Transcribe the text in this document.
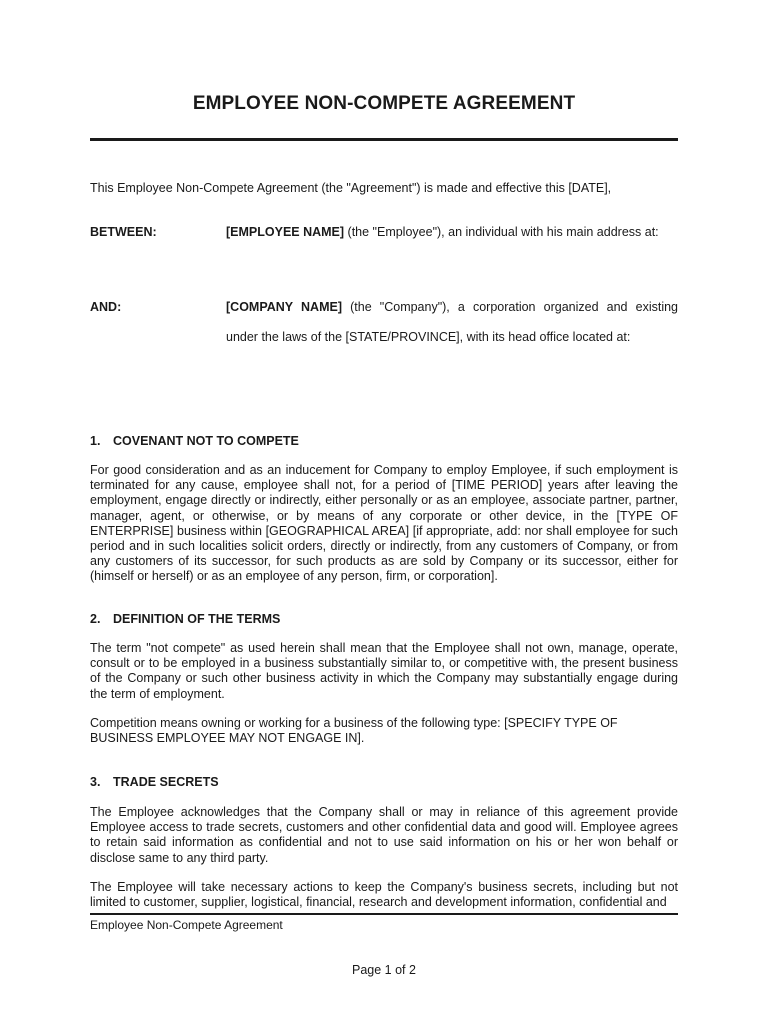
EMPLOYEE NON-COMPETE AGREEMENT
This Employee Non-Compete Agreement (the "Agreement") is made and effective this [DATE],
BETWEEN:	[EMPLOYEE NAME] (the "Employee"), an individual with his main address at:
AND:	[COMPANY NAME] (the "Company"), a corporation organized and existing
under the laws of the [STATE/PROVINCE], with its head office located at:
1. COVENANT NOT TO COMPETE
For good consideration and as an inducement for Company to employ Employee, if such employment is terminated for any cause, employee shall not, for a period of [TIME PERIOD] years after leaving the employment, engage directly or indirectly, either personally or as an employee, associate partner, partner, manager, agent, or otherwise, or by means of any corporate or other device, in the [TYPE OF ENTERPRISE] business within [GEOGRAPHICAL AREA] [if appropriate, add: nor shall employee for such period and in such localities solicit orders, directly or indirectly, from any customers of Company, or from any customers of its successor, for such products as are sold by Company or its successor, either for (himself or herself) or as an employee of any person, firm, or corporation].
2. DEFINITION OF THE TERMS
The term "not compete" as used herein shall mean that the Employee shall not own, manage, operate, consult or to be employed in a business substantially similar to, or competitive with, the present business of the Company or such other business activity in which the Company may substantially engage during the term of employment.
Competition means owning or working for a business of the following type: [SPECIFY TYPE OF BUSINESS EMPLOYEE MAY NOT ENGAGE IN].
3. TRADE SECRETS
The Employee acknowledges that the Company shall or may in reliance of this agreement provide Employee access to trade secrets, customers and other confidential data and good will. Employee agrees to retain said information as confidential and not to use said information on his or her won behalf or disclose same to any third party.
The Employee will take necessary actions to keep the Company's business secrets, including but not limited to customer, supplier, logistical, financial, research and development information, confidential and
Employee Non-Compete Agreement
Page 1 of 2
